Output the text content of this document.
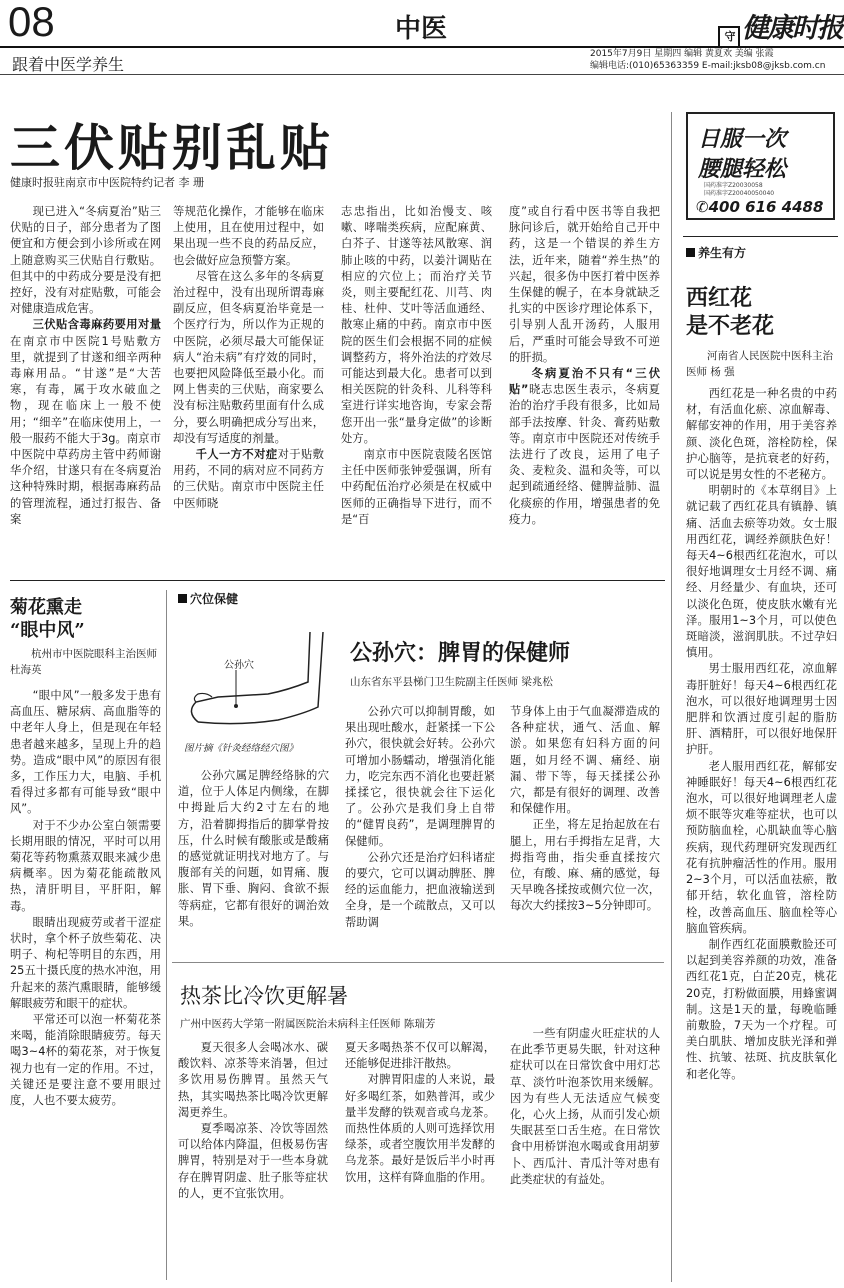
08	中医	守 健康时报
跟着中医学养生
2015年7月9日 星期四 编辑 黄夏欢 美编 张霞
编辑电话:(010)65363359 E-mail:jksb08@jksb.com.cn
三伏贴别乱贴
健康时报驻南京市中医院特约记者 李 珊

现已进入“冬病夏治”贴三伏贴的日子，部分患者为了图便宜和方便会到小诊所或在网上随意购买三伏贴自行敷贴。但其中的中药成分要是没有把控好，没有对症贴敷，可能会对健康造成危害。

三伏贴含毒麻药要用对量在南京市中医院1号贴敷方里，就提到了甘遂和细辛两种毒麻用品。“甘遂”是“大苦寒，有毒，属于攻水破血之物，现在临床上一般不使用；“细辛”在临床使用上，一般一服药不能大于3g。南京市中医院中草药房主管中药师谢华介绍，甘遂只有在冬病夏治这种特殊时期，根据毒麻药品的管理流程，通过打报告、备案

等规范化操作，才能够在临床上使用，且在使用过程中，如果出现一些不良的药品反应，也会做好应急预警方案。

尽管在这么多年的冬病夏治过程中，没有出现所谓毒麻副反应，但冬病夏治毕竟是一个医疗行为，所以作为正规的中医院，必须尽最大可能保证病人“治未病”有疗效的同时，也要把风险降低至最小化。而网上售卖的三伏贴，商家要么没有标注贴敷药里面有什么成分，要么明确把成分写出来，却没有写适度的剂量。

千人一方不对症对于贴敷用药，不同的病对应不同药方的三伏贴。南京市中医院主任中医师晓

志忠指出，比如治慢支、咳嗽、哮喘类疾病，应配麻黄、白芥子、甘遂等祛风散寒、润肺止咳的中药，以姜汁调贴在相应的穴位上；而治疗关节炎，则主要配红花、川芎、肉桂、杜仲、艾叶等活血通经、散寒止痛的中药。南京市中医院的医生们会根据不同的症候调整药方，将外治法的疗效尽可能达到最大化。患者可以到相关医院的针灸科、儿科等科室进行详实地咨询，专家会帮您开出一张“量身定做”的诊断处方。

南京市中医院袁陵名医馆主任中医师张钟爱强调，所有中药配伍治疗必须是在权威中医师的正确指导下进行，而不是“百

度”或自行看中医书等自我把脉问诊后，就开始给自己开中药，这是一个错误的养生方法，近年来，随着“养生热”的兴起，很多伪中医打着中医养生保健的幌子，在本身就缺乏扎实的中医诊疗理论体系下，引导别人乱开汤药，人服用后，严重时可能会导致不可逆的肝损。

冬病夏治不只有“三伏贴”晓志忠医生表示，冬病夏治的治疗手段有很多，比如局部手法按摩、针灸、膏药贴敷等。南京市中医院还对传统手法进行了改良，运用了电子灸、麦粒灸、温和灸等，可以起到疏通经络、健脾益肺、温化痰瘀的作用，增强患者的免疫力。

日服一次
腰腿轻松
国药准字Z20030058
国药准字Z20040050040
✆400 616 4488
养生有方
西红花
是不老花
河南省人民医院中医科主治医师 杨 强

西红花是一种名贵的中药材，有活血化瘀、凉血解毒、解郁安神的作用，用于美容养颜、淡化色斑，溶栓防栓，保护心脑等，是抗衰老的好药，可以说是男女性的不老秘方。

明朝时的《本草纲目》上就记载了西红花具有镇静、镇痛、活血去瘀等功效。女士服用西红花，调经养颜肤色好！每天4~6根西红花泡水，可以很好地调理女士月经不调、痛经、月经量少、有血块，还可以淡化色斑，使皮肤水嫩有光泽。服用1~3个月，可以使色斑暗淡，滋润肌肤。不过孕妇慎用。

男士服用西红花，凉血解毒肝脏好！每天4~6根西红花泡水，可以很好地调理男士因肥胖和饮酒过度引起的脂肪肝、酒精肝，可以很好地保肝护肝。

老人服用西红花，解郁安神睡眠好！每天4~6根西红花泡水，可以很好地调理老人虚烦不眠等灾难等症状，也可以预防脑血栓，心肌缺血等心脑疾病，现代药理研究发现西红花有抗肿瘤活性的作用。服用2~3个月，可以活血祛瘀，散郁开结，软化血管，溶栓防栓，改善高血压、脑血栓等心脑血管疾病。

制作西红花面膜敷脸还可以起到美容养颜的功效，准备西红花1克，白芷20克，桃花20克，打粉做面膜，用蜂蜜调制。这是1天的量，每晚临睡前敷脸，7天为一个疗程。可美白肌肤、增加皮肤光泽和弹性、抗皱、祛斑、抗皮肤氧化和老化等。

菊花熏走
“眼中风”
杭州市中医院眼科主治医师 杜海英

“眼中风”一般多发于患有高血压、糖尿病、高血脂等的中老年人身上，但是现在年轻患者越来越多，呈现上升的趋势。造成“眼中风”的原因有很多，工作压力大，电脑、手机看得过多都有可能导致“眼中风”。

对于不少办公室白领需要长期用眼的情况，平时可以用菊花等药物熏蒸双眼来减少患病概率。因为菊花能疏散风热，清肝明目，平肝阳，解毒。

眼睛出现疲劳或者干涩症状时，拿个杯子放些菊花、决明子、枸杞等明目的东西，用25五十摄氏度的热水冲泡，用升起来的蒸汽熏眼睛，能够缓解眼疲劳和眼干的症状。

平常还可以泡一杯菊花茶来喝，能消除眼睛疲劳。每天喝3~4杯的菊花茶，对于恢复视力也有一定的作用。不过，关键还是要注意不要用眼过度，人也不要太疲劳。

穴位保健
公孙穴：脾胃的保健师
山东省东平县梯门卫生院副主任医师 梁兆松
公孙穴
图片摘《针灸经络经穴图》

公孙穴属足脾经络脉的穴道，位于人体足内侧缘，在脚中拇趾后大约2寸左右的地方，沿着脚拇指后的脚掌骨按压，什么时候有酸胀或是酸痛的感觉就证明找对地方了。与腹部有关的问题，如胃痛、腹胀、胃下垂、胸闷、食欲不振等病症，它都有很好的调治效果。

公孙穴可以抑制胃酸，如果出现吐酸水，赶紧揉一下公孙穴，很快就会好转。公孙穴可增加小肠蠕动，增强消化能力，吃完东西不消化也要赶紧揉揉它，很快就会往下运化了。公孙穴是我们身上自带的“健胃良药”，是调理脾胃的保健师。

公孙穴还是治疗妇科诸症的要穴，它可以调动脾胚、脾经的运血能力，把血液输送到全身，是一个疏散点，又可以帮助调

节身体上由于气血凝滞造成的各种症状，通气、活血、解淤。如果您有妇科方面的问题，如月经不调、痛经、崩漏、带下等，每天揉揉公孙穴，都是有很好的调理、改善和保健作用。

正坐，将左足抬起放在右腿上，用右手拇指左足背，大拇指弯曲，指尖垂直揉按穴位，有酸、麻、痛的感觉，每天早晚各揉按或侧穴位一次，每次大约揉按3~5分钟即可。

热茶比冷饮更解暑
广州中医药大学第一附属医院治未病科主任医师 陈瑞芳

夏天很多人会喝冰水、碳酸饮料、凉茶等来消暑，但过多饮用易伤脾胃。虽然天气热，其实喝热茶比喝冷饮更解渴更养生。

夏季喝凉茶、冷饮等固然可以给体内降温，但极易伤害脾胃，特别是对于一些本身就存在脾胃阴虚、肚子胀等症状的人，更不宜张饮用。

夏天多喝热茶不仅可以解渴，还能够促进排汗散热。

对脾胃阳虚的人来说，最好多喝红茶，如熟普洱，或少量半发酵的铁观音或乌龙茶。而热性体质的人则可选择饮用绿茶，或者空腹饮用半发酵的乌龙茶。最好是饭后半小时再饮用，这样有降血脂的作用。

一些有阴虚火旺症状的人在此季节更易失眠，针对这种症状可以在日常饮食中用灯芯草、淡竹叶泡茶饮用来缓解。因为有些人无法适应气候变化，心火上扬，从而引发心烦失眠甚至口舌生疮。在日常饮食中用桥饼泡水喝或食用胡萝卜、西瓜汁、青瓜汁等对患有此类症状的有益处。
